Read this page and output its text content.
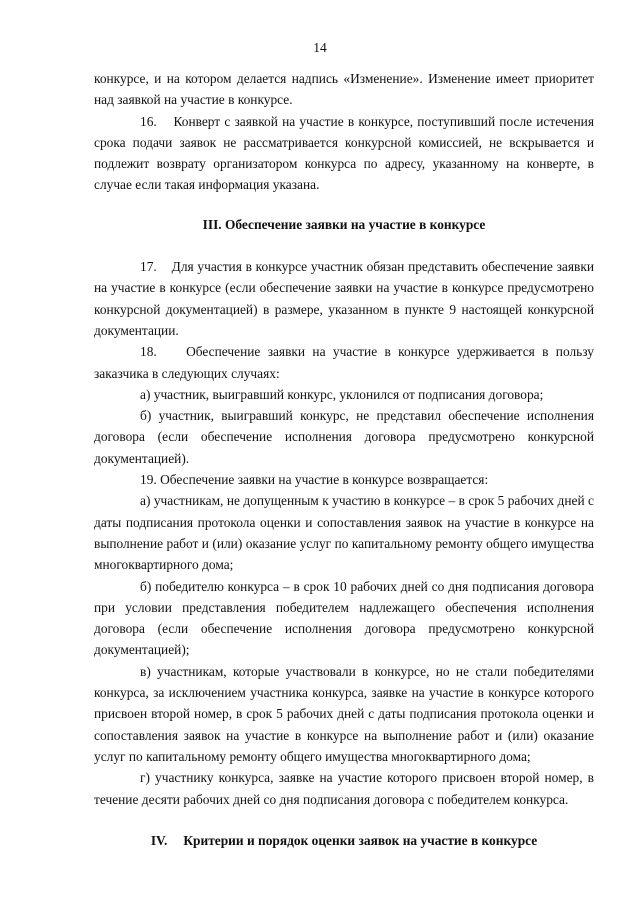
14

конкурсе, и на котором делается надпись «Изменение». Изменение имеет приоритет над заявкой на участие в конкурсе.

16.    Конверт с заявкой на участие в конкурсе, поступивший после истечения срока подачи заявок не рассматривается конкурсной комиссией, не вскрывается и подлежит возврату организатором конкурса по адресу, указанному на конверте, в случае если такая информация указана.

III. Обеспечение заявки на участие в конкурсе

17.    Для участия в конкурсе участник обязан представить обеспечение заявки на участие в конкурсе (если обеспечение заявки на участие в конкурсе предусмотрено конкурсной документацией) в размере, указанном в пункте 9 настоящей конкурсной документации.

18.    Обеспечение заявки на участие в конкурсе удерживается в пользу заказчика в следующих случаях:

а) участник, выигравший конкурс, уклонился от подписания договора;

б) участник, выигравший конкурс, не представил обеспечение исполнения договора (если обеспечение исполнения договора предусмотрено конкурсной документацией).

19. Обеспечение заявки на участие в конкурсе возвращается:

а) участникам, не допущенным к участию в конкурсе – в срок 5 рабочих дней с даты подписания протокола оценки и сопоставления заявок на участие в конкурсе на выполнение работ и (или) оказание услуг по капитальному ремонту общего имущества многоквартирного дома;

б) победителю конкурса – в срок 10 рабочих дней со дня подписания договора при условии представления победителем надлежащего обеспечения исполнения договора (если обеспечение исполнения договора предусмотрено конкурсной документацией);

в) участникам, которые участвовали в конкурсе, но не стали победителями конкурса, за исключением участника конкурса, заявке на участие в конкурсе которого присвоен второй номер, в срок 5 рабочих дней с даты подписания протокола оценки и сопоставления заявок на участие в конкурсе на выполнение работ и (или) оказание услуг по капитальному ремонту общего имущества многоквартирного дома;

г) участнику конкурса, заявке на участие которого присвоен второй номер, в течение десяти рабочих дней со дня подписания договора с победителем конкурса.

IV. Критерии и порядок оценки заявок на участие в конкурсе
